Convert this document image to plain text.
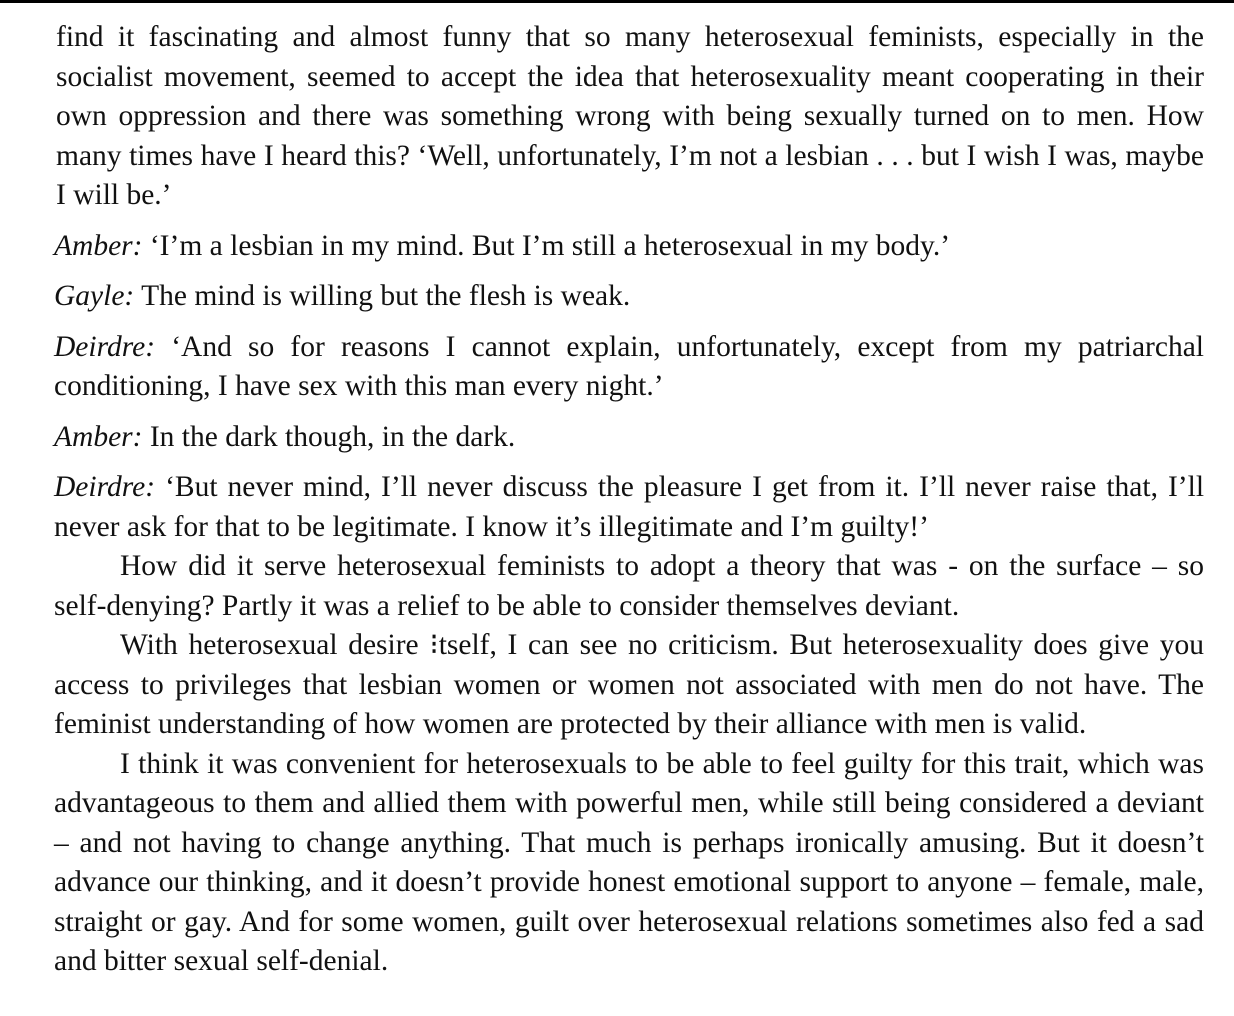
find it fascinating and almost funny that so many heterosexual feminists, especially in the socialist movement, seemed to accept the idea that heterosexuality meant cooperating in their own oppression and there was something wrong with being sexually turned on to men. How many times have I heard this? ‘Well, unfortunately, I’m not a lesbian . . . but I wish I was, maybe I will be.’

Amber: ‘I’m a lesbian in my mind. But I’m still a heterosexual in my body.’

Gayle: The mind is willing but the flesh is weak.

Deirdre: ‘And so for reasons I cannot explain, unfortunately, except from my patriarchal conditioning, I have sex with this man every night.’

Amber: In the dark though, in the dark.

Deirdre: ‘But never mind, I’ll never discuss the pleasure I get from it. I’ll never raise that, I’ll never ask for that to be legitimate. I know it’s illegitimate and I’m guilty!’

How did it serve heterosexual feminists to adopt a theory that was - on the surface – so self-denying? Partly it was a relief to be able to consider themselves deviant.

With heterosexual desire ⁝tself, I can see no criticism. But heterosexuality does give you access to privileges that lesbian women or women not associated with men do not have. The feminist understanding of how women are protected by their alliance with men is valid.

I think it was convenient for heterosexuals to be able to feel guilty for this trait, which was advantageous to them and allied them with powerful men, while still being considered a deviant – and not having to change anything. That much is perhaps ironically amusing. But it doesn’t advance our thinking, and it doesn’t provide honest emotional support to anyone – female, male, straight or gay. And for some women, guilt over heterosexual relations sometimes also fed a sad and bitter sexual self-denial.
